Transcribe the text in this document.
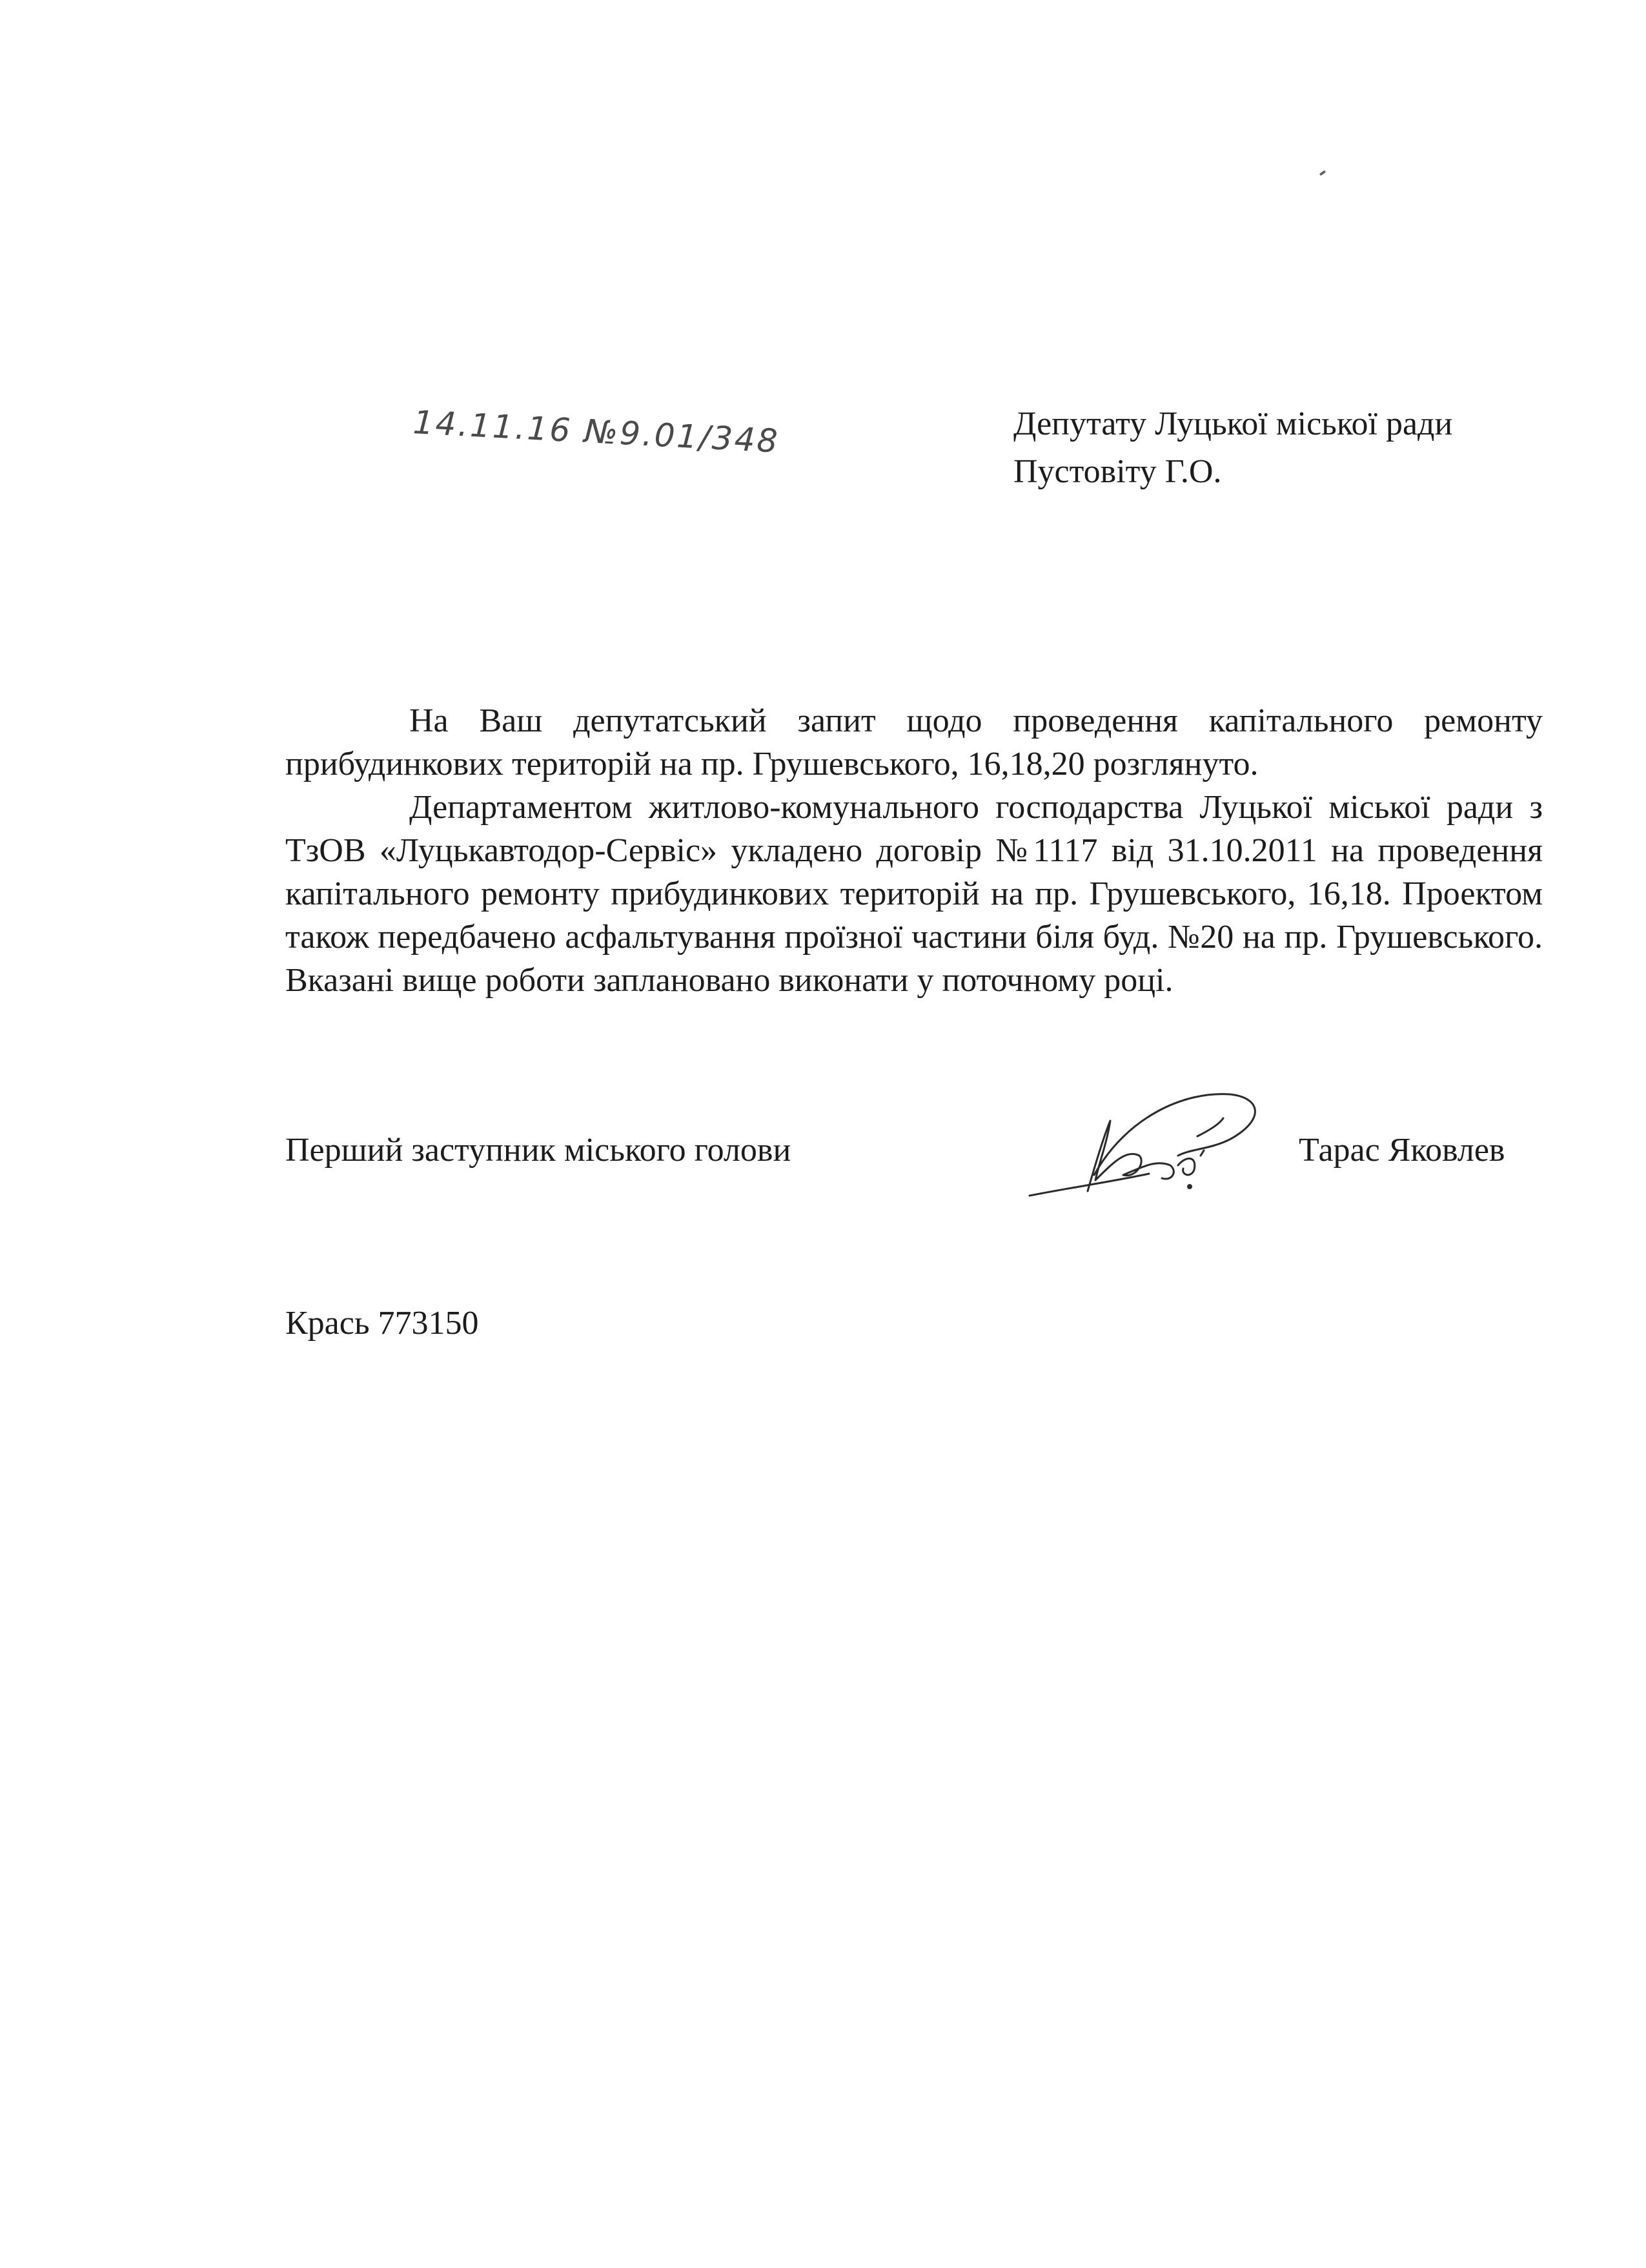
14.11.16 №9.01/348	Депутату Луцької міської ради
Пустовіту Г.О.

На Ваш депутатський запит щодо проведення капітального ремонту прибудинкових територій на пр. Грушевського, 16,18,20 розглянуто.

Департаментом житлово-комунального господарства Луцької міської ради з ТзОВ «Луцькавтодор-Сервіс» укладено договір №1117 від 31.10.2011 на проведення капітального ремонту прибудинкових територій на пр. Грушевського, 16,18. Проектом також передбачено асфальтування проїзної частини біля буд. №20 на пр. Грушевського. Вказані вище роботи заплановано виконати у поточному році.

Перший заступник міського голови	Тарас Яковлев
Крась 773150
